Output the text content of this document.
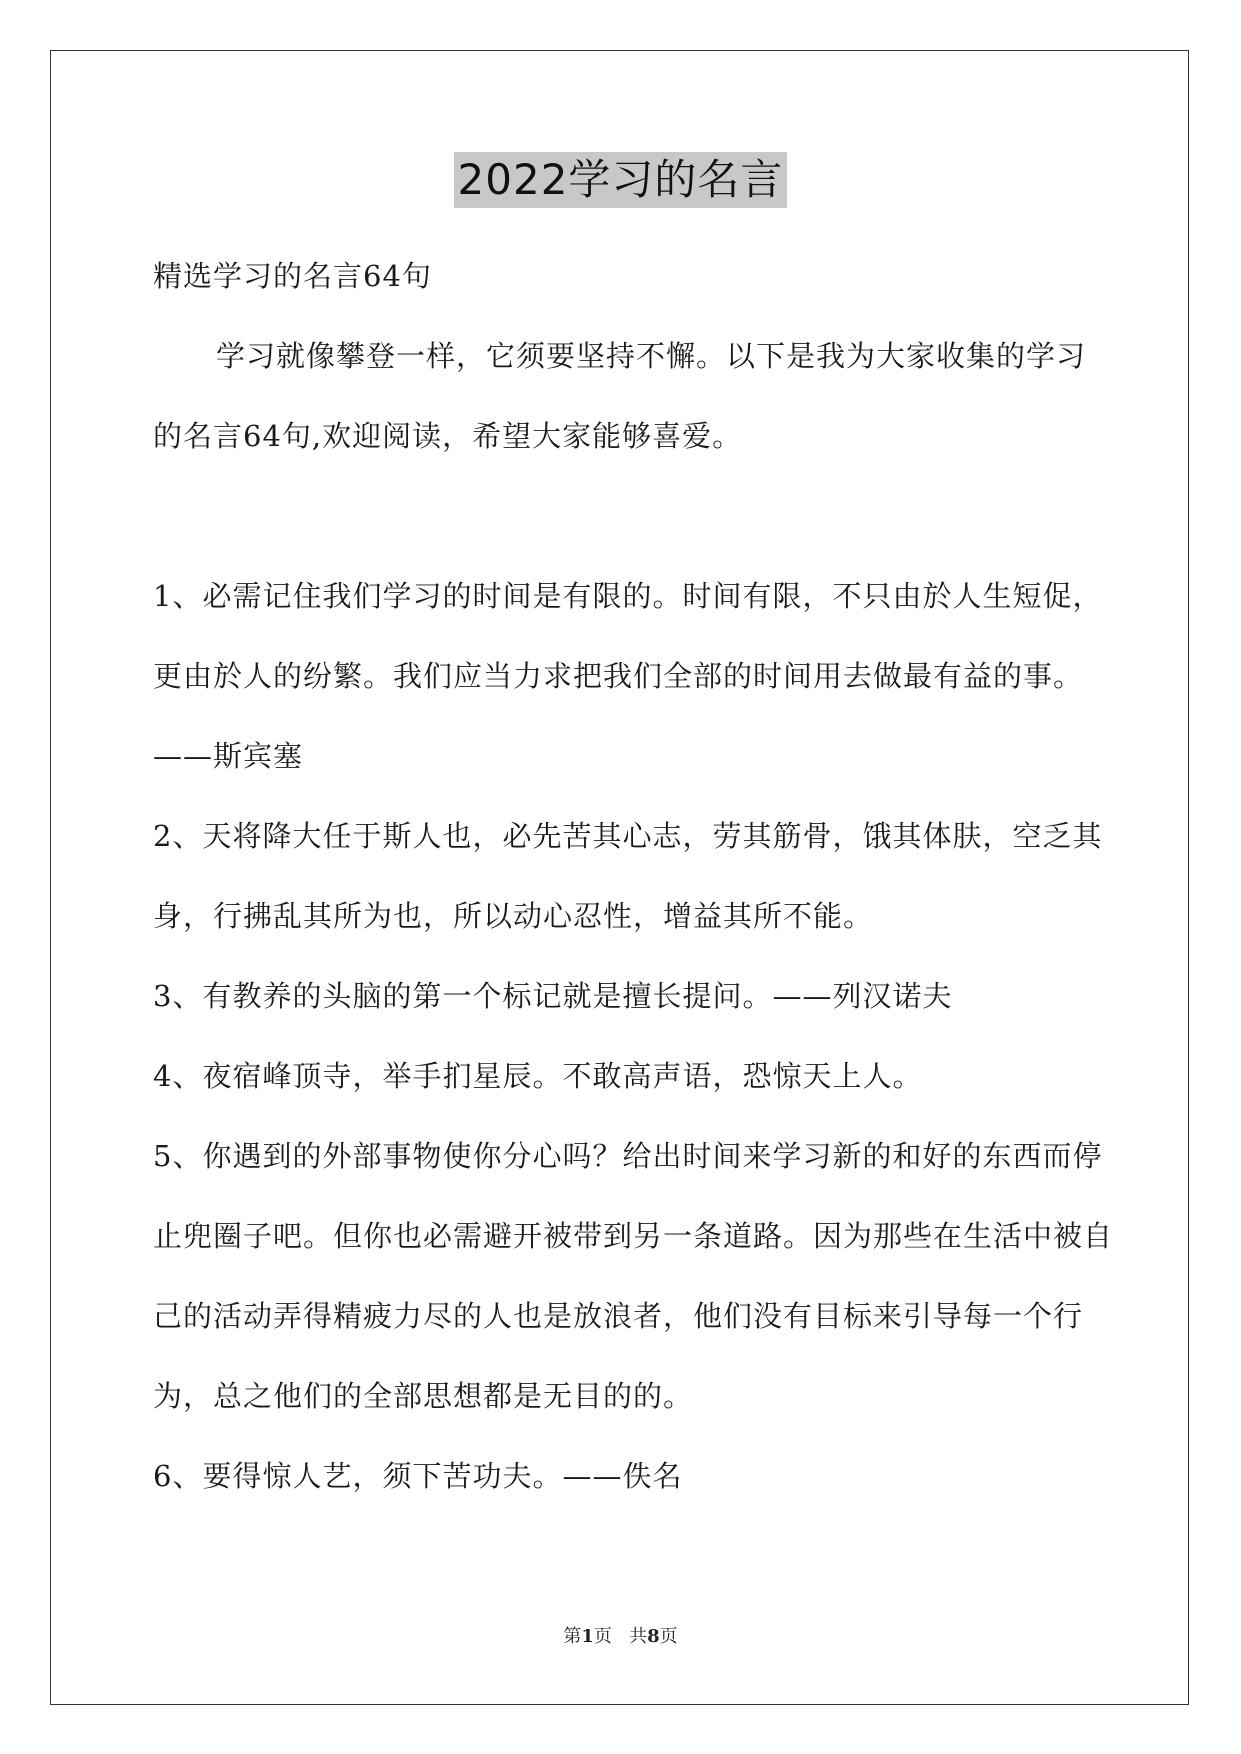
2022学习的名言

精选学习的名言64句

学习就像攀登一样，它须要坚持不懈。以下是我为大家收集的学习的名言64句,欢迎阅读，希望大家能够喜爱。

1、必需记住我们学习的时间是有限的。时间有限，不只由於人生短促，更由於人的纷繁。我们应当力求把我们全部的时间用去做最有益的事。——斯宾塞

2、天将降大任于斯人也，必先苦其心志，劳其筋骨，饿其体肤，空乏其身，行拂乱其所为也，所以动心忍性，增益其所不能。

3、有教养的头脑的第一个标记就是擅长提问。——列汉诺夫

4、夜宿峰顶寺，举手扪星辰。不敢高声语，恐惊天上人。

5、你遇到的外部事物使你分心吗？给出时间来学习新的和好的东西而停止兜圈子吧。但你也必需避开被带到另一条道路。因为那些在生活中被自己的活动弄得精疲力尽的人也是放浪者，他们没有目标来引导每一个行为，总之他们的全部思想都是无目的的。

6、要得惊人艺，须下苦功夫。——佚名

第1页 共8页
